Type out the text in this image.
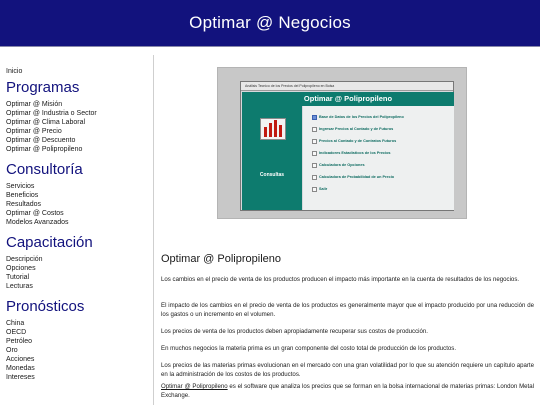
Optimar @ Negocios
Inicio
Programas
Optimar @ Misión
Optimar @ Industria o Sector
Optimar @ Clima Laboral
Optimar @ Precio
Optimar @ Descuento
Optimar @ Polipropileno
Consultoría
Servicios
Beneficios
Resultados
Optimar @ Costos
Modelos Avanzados
Capacitación
Descripción
Opciones
Tutorial
Lecturas
Pronósticos
China
OECD
Petróleo
Oro
Acciones
Monedas
Intereses
Análisis Tecnico de los Precios del Polipropileno en Bolsa
Optimar @ Polipropileno
Consultas
Base de Datos de los Precios del Polipropileno
Ingresar Precios al Contado y de Futuros
Precios al Contado y de Contratos Futuros
Indicadores Estadísticos de los Precios
Calculadora de Opciones
Calculadora de Probabilidad de un Precio
Salir
Optimar @ Polipropileno

Los cambios en el precio de venta de los productos producen el impacto más importante en la cuenta de resultados de los negocios.

El impacto de los cambios en el precio de venta de los productos es generalmente mayor que el impacto producido por una reducción de los gastos o un incremento en el volumen.

Los precios de venta de los productos deben apropiadamente recuperar sus costos de producción.

En muchos negocios la materia prima es un gran componente del costo total de producción de los productos.

Los precios de las materias primas evolucionan en el mercado con una gran volatilidad por lo que su atención requiere un capítulo aparte en la administración de los costos de los productos.

Optimar @ Polipropileno es el software que analiza los precios que se forman en la bolsa internacional de materias primas: London Metal Exchange.
